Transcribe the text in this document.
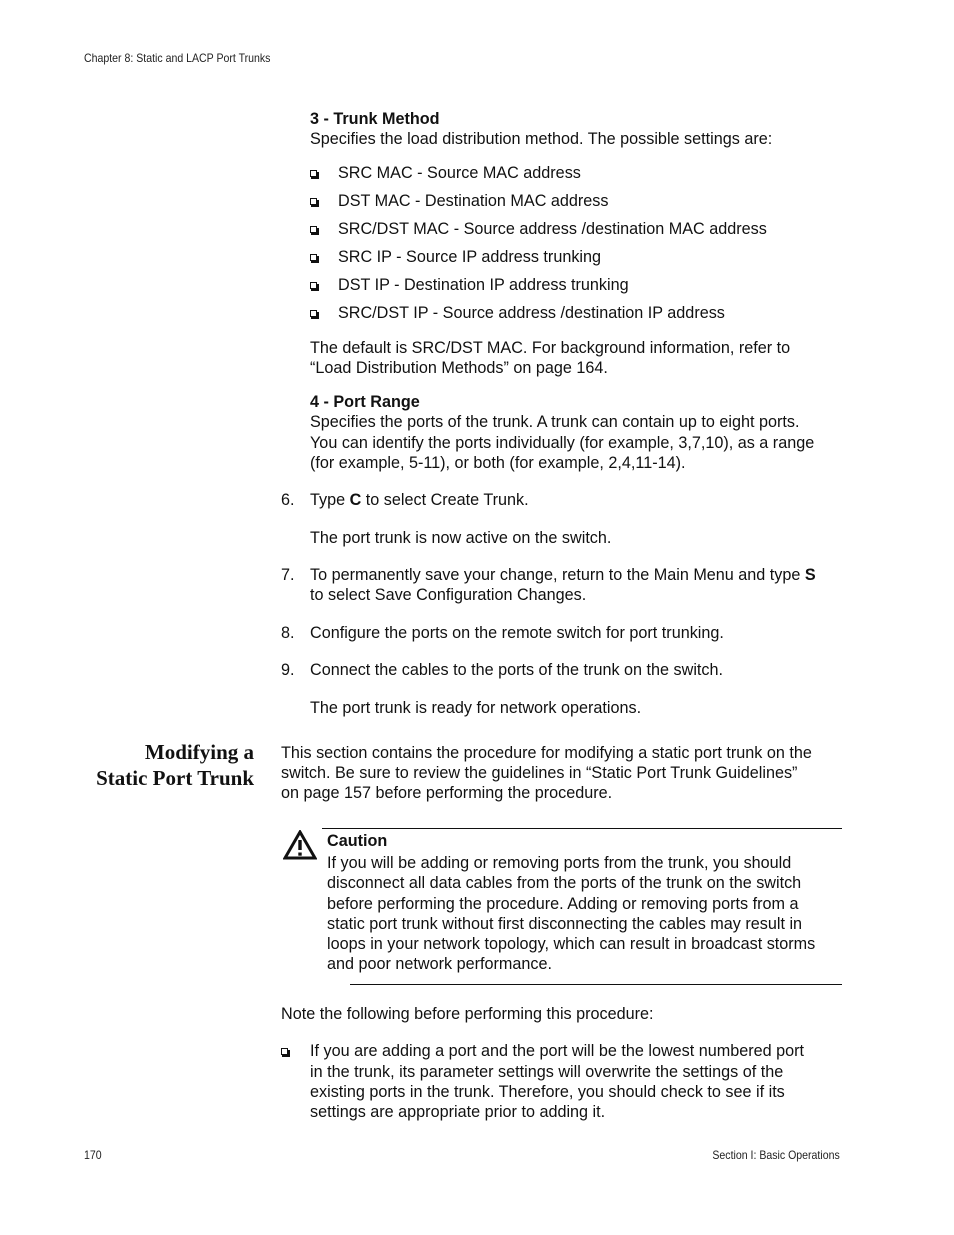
Chapter 8: Static and LACP Port Trunks
3 - Trunk Method
Specifies the load distribution method. The possible settings are:
SRC MAC - Source MAC address
DST MAC - Destination MAC address
SRC/DST MAC - Source address /destination MAC address
SRC IP - Source IP address trunking
DST IP - Destination IP address trunking
SRC/DST IP - Source address /destination IP address
The default is SRC/DST MAC. For background information, refer to
“Load Distribution Methods” on page 164.
4 - Port Range
Specifies the ports of the trunk. A trunk can contain up to eight ports.
You can identify the ports individually (for example, 3,7,10), as a range
(for example, 5-11), or both (for example, 2,4,11-14).
6. Type C to select Create Trunk.
The port trunk is now active on the switch.
7. To permanently save your change, return to the Main Menu and type S
to select Save Configuration Changes.
8. Configure the ports on the remote switch for port trunking.
9. Connect the cables to the ports of the trunk on the switch.
The port trunk is ready for network operations.
Modifying a
Static Port Trunk
This section contains the procedure for modifying a static port trunk on the
switch. Be sure to review the guidelines in “Static Port Trunk Guidelines”
on page 157 before performing the procedure.
Caution
If you will be adding or removing ports from the trunk, you should
disconnect all data cables from the ports of the trunk on the switch
before performing the procedure. Adding or removing ports from a
static port trunk without first disconnecting the cables may result in
loops in your network topology, which can result in broadcast storms
and poor network performance.
Note the following before performing this procedure:
If you are adding a port and the port will be the lowest numbered port
in the trunk, its parameter settings will overwrite the settings of the
existing ports in the trunk. Therefore, you should check to see if its
settings are appropriate prior to adding it.
170	Section I: Basic Operations
